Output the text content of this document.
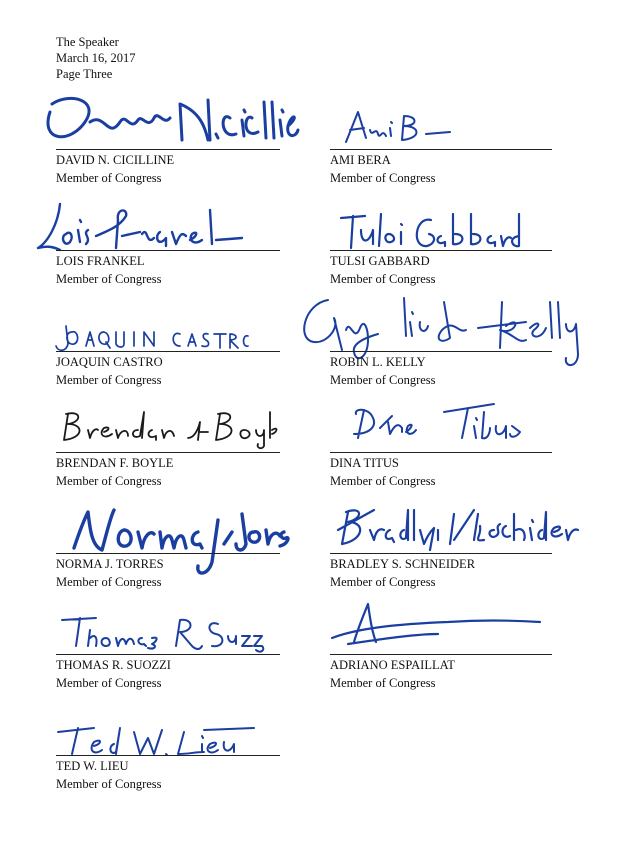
The Speaker
March 16, 2017
Page Three
DAVID N. CICILLINE
Member of Congress
AMI BERA
Member of Congress
LOIS FRANKEL
Member of Congress
TULSI GABBARD
Member of Congress
JOAQUIN CASTRO
Member of Congress
ROBIN L. KELLY
Member of Congress
BRENDAN F. BOYLE
Member of Congress
DINA TITUS
Member of Congress
NORMA J. TORRES
Member of Congress
BRADLEY S. SCHNEIDER
Member of Congress
THOMAS R. SUOZZI
Member of Congress
ADRIANO ESPAILLAT
Member of Congress
TED W. LIEU
Member of Congress
